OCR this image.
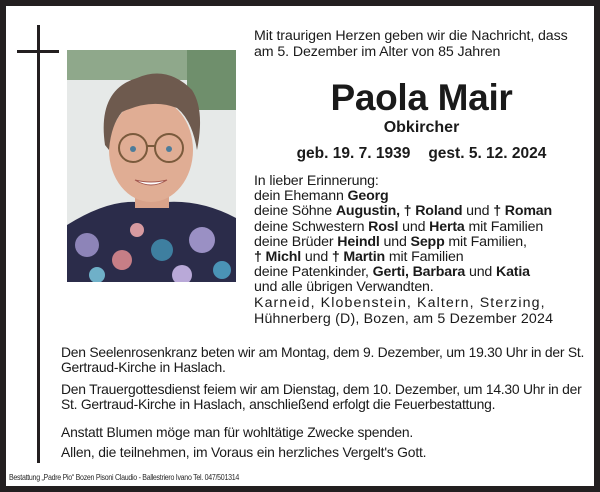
Mit traurigen Herzen geben wir die Nachricht, dass
am 5. Dezember im Alter von 85 Jahren
Paola Mair
Obkircher
geb. 19. 7. 1939 gest. 5. 12. 2024
In lieber Erinnerung:
dein Ehemann Georg
deine Söhne Augustin, † Roland und † Roman
deine Schwestern Rosl und Herta mit Familien
deine Brüder Heindl und Sepp mit Familien,
† Michl und † Martin mit Familien
deine Patenkinder, Gerti, Barbara und Katia
und alle übrigen Verwandten.
Karneid, Klobenstein, Kaltern, Sterzing,
Hühnerberg (D), Bozen, am 5 Dezember 2024

Den Seelenrosenkranz beten wir am Montag, dem 9. Dezember, um 19.30 Uhr in der St. Gertraud-Kirche in Haslach.

Den Trauergottesdienst feiem wir am Dienstag, dem 10. Dezember, um 14.30 Uhr in der St. Gertraud-Kirche in Haslach, anschließend erfolgt die Feuerbestattung.

Anstatt Blumen möge man für wohltätige Zwecke spenden.

Allen, die teilnehmen, im Voraus ein herzliches Vergelt's Gott.

Bestattung „Padre Pio“ Bozen Pisoni Claudio - Ballestriero Ivano Tel. 047/501314
